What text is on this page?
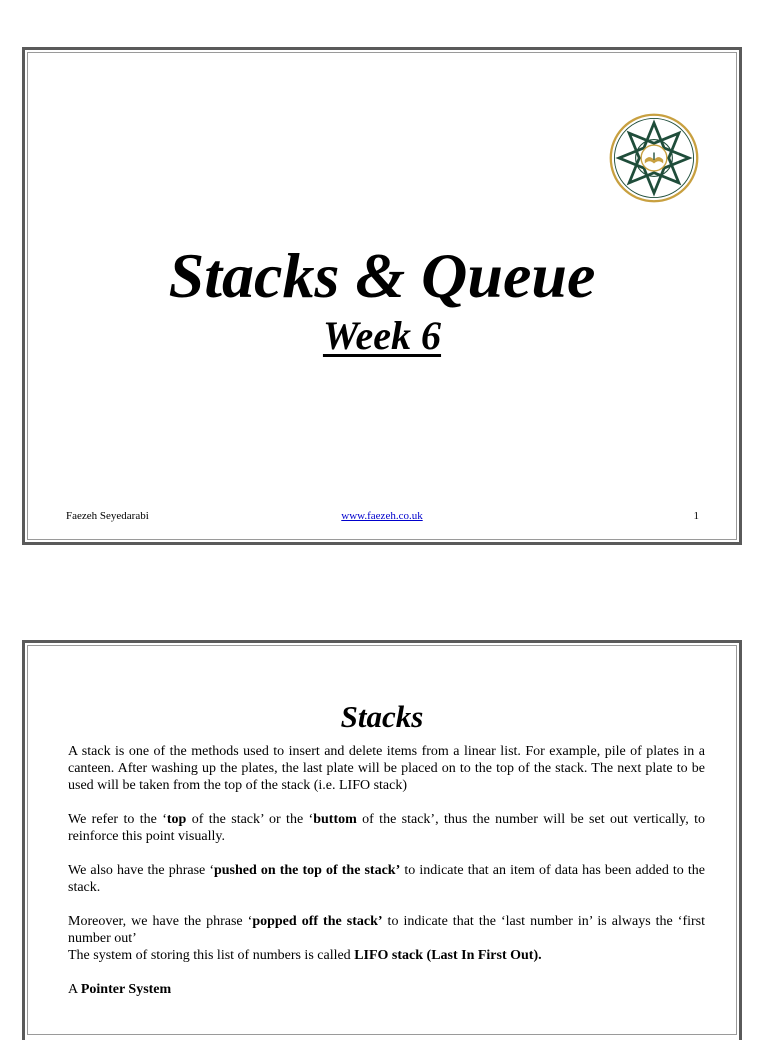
Stacks & Queue
Week 6
Faezeh Seyedarabi	www.faezeh.co.uk	1
Stacks

A stack is one of the methods used to insert and delete items from a linear list. For example, pile of plates in a canteen. After washing up the plates, the last plate will be placed on to the top of the stack. The next plate to be used will be taken from the top of the stack (i.e. LIFO stack)

We refer to the ‘top of the stack’ or the ‘buttom of the stack’, thus the number will be set out vertically, to reinforce this point visually.

We also have the phrase ‘pushed on the top of the stack’ to indicate that an item of data has been added to the stack.

Moreover, we have the phrase ‘popped off the stack’ to indicate that the ‘last number in’ is always the ‘first number out’

The system of storing this list of numbers is called LIFO stack (Last In First Out).

A Pointer System
